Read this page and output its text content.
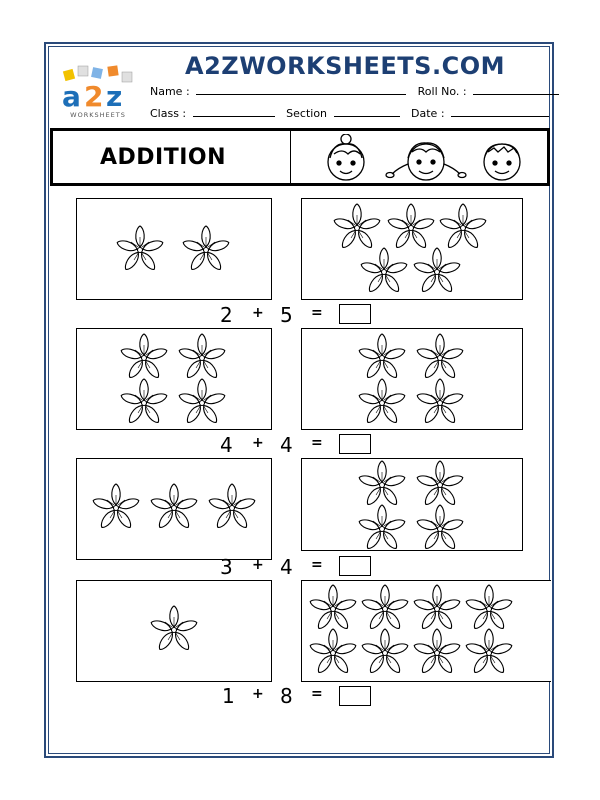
a 2 z
WORKSHEETS
A2ZWORKSHEETS.COM
Name :	Roll No. :
Class :	Section	Date :
ADDITION
2 + 5 =
4 + 4 =
3 + 4 =
1 + 8 =
